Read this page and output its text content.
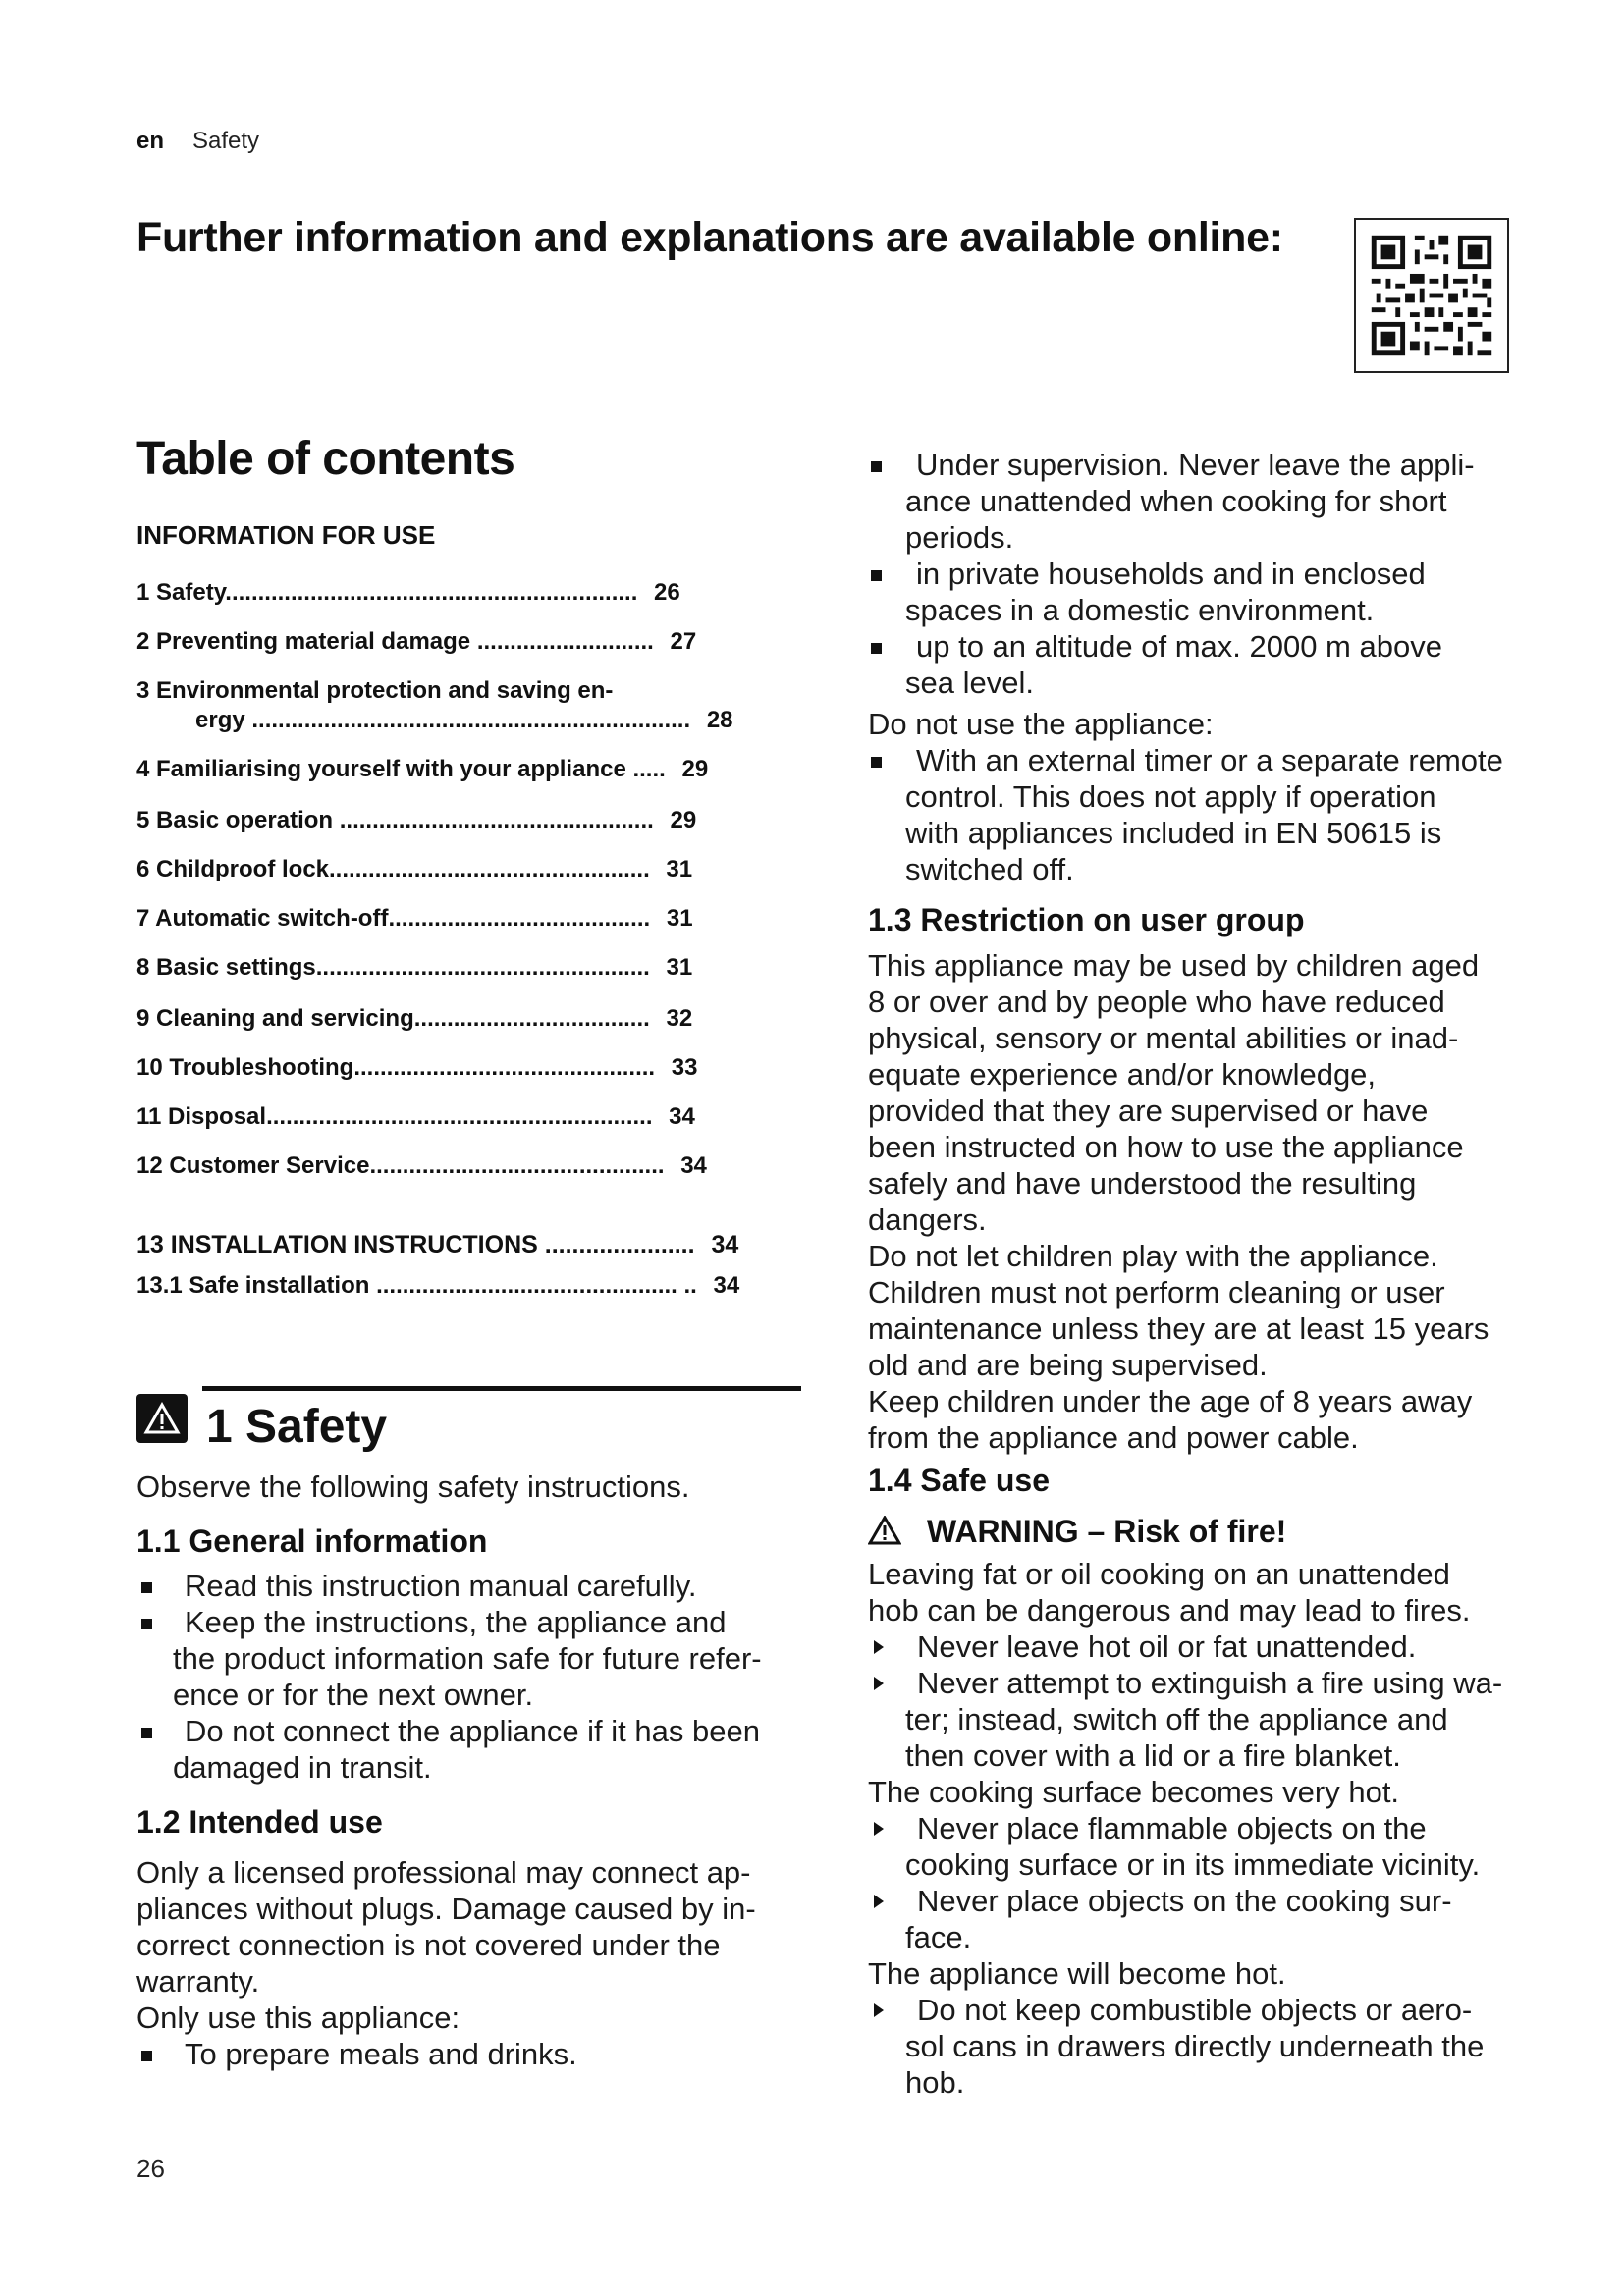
en Safety
Further information and explanations are available online:
Table of contents
INFORMATION FOR USE
1 Safety............................................................... 26
2 Preventing material damage ........................... 27
3 Environmental protection and saving en-
ergy ................................................................... 28
4 Familiarising yourself with your appliance ..... 29
5 Basic operation ................................................ 29
6 Childproof lock................................................. 31
7 Automatic switch-off........................................ 31
8 Basic settings................................................... 31
9 Cleaning and servicing.................................... 32
10 Troubleshooting.............................................. 33
11 Disposal........................................................... 34
12 Customer Service............................................. 34
13 INSTALLATION INSTRUCTIONS ...................... 34
13.1 Safe installation .............................................. .. 34
1 Safety
Observe the following safety instructions.
1.1 General information
Read this instruction manual carefully.
Keep the instructions, the appliance and
the product information safe for future refer-
ence or for the next owner.
Do not connect the appliance if it has been
damaged in transit.
1.2 Intended use
Only a licensed professional may connect ap-
pliances without plugs. Damage caused by in-
correct connection is not covered under the
warranty.
Only use this appliance:
To prepare meals and drinks.
Under supervision. Never leave the appli-
ance unattended when cooking for short
periods.
in private households and in enclosed
spaces in a domestic environment.
up to an altitude of max. 2000 m above
sea level.
Do not use the appliance:
With an external timer or a separate remote
control. This does not apply if operation
with appliances included in EN 50615 is
switched off.
1.3 Restriction on user group
This appliance may be used by children aged
8 or over and by people who have reduced
physical, sensory or mental abilities or inad-
equate experience and/or knowledge,
provided that they are supervised or have
been instructed on how to use the appliance
safely and have understood the resulting
dangers.
Do not let children play with the appliance.
Children must not perform cleaning or user
maintenance unless they are at least 15 years
old and are being supervised.
Keep children under the age of 8 years away
from the appliance and power cable.
1.4 Safe use
WARNING – Risk of fire!
Leaving fat or oil cooking on an unattended
hob can be dangerous and may lead to fires.
Never leave hot oil or fat unattended.
Never attempt to extinguish a fire using wa-
ter; instead, switch off the appliance and
then cover with a lid or a fire blanket.
The cooking surface becomes very hot.
Never place flammable objects on the
cooking surface or in its immediate vicinity.
Never place objects on the cooking sur-
face.
The appliance will become hot.
Do not keep combustible objects or aero-
sol cans in drawers directly underneath the
hob.
26
